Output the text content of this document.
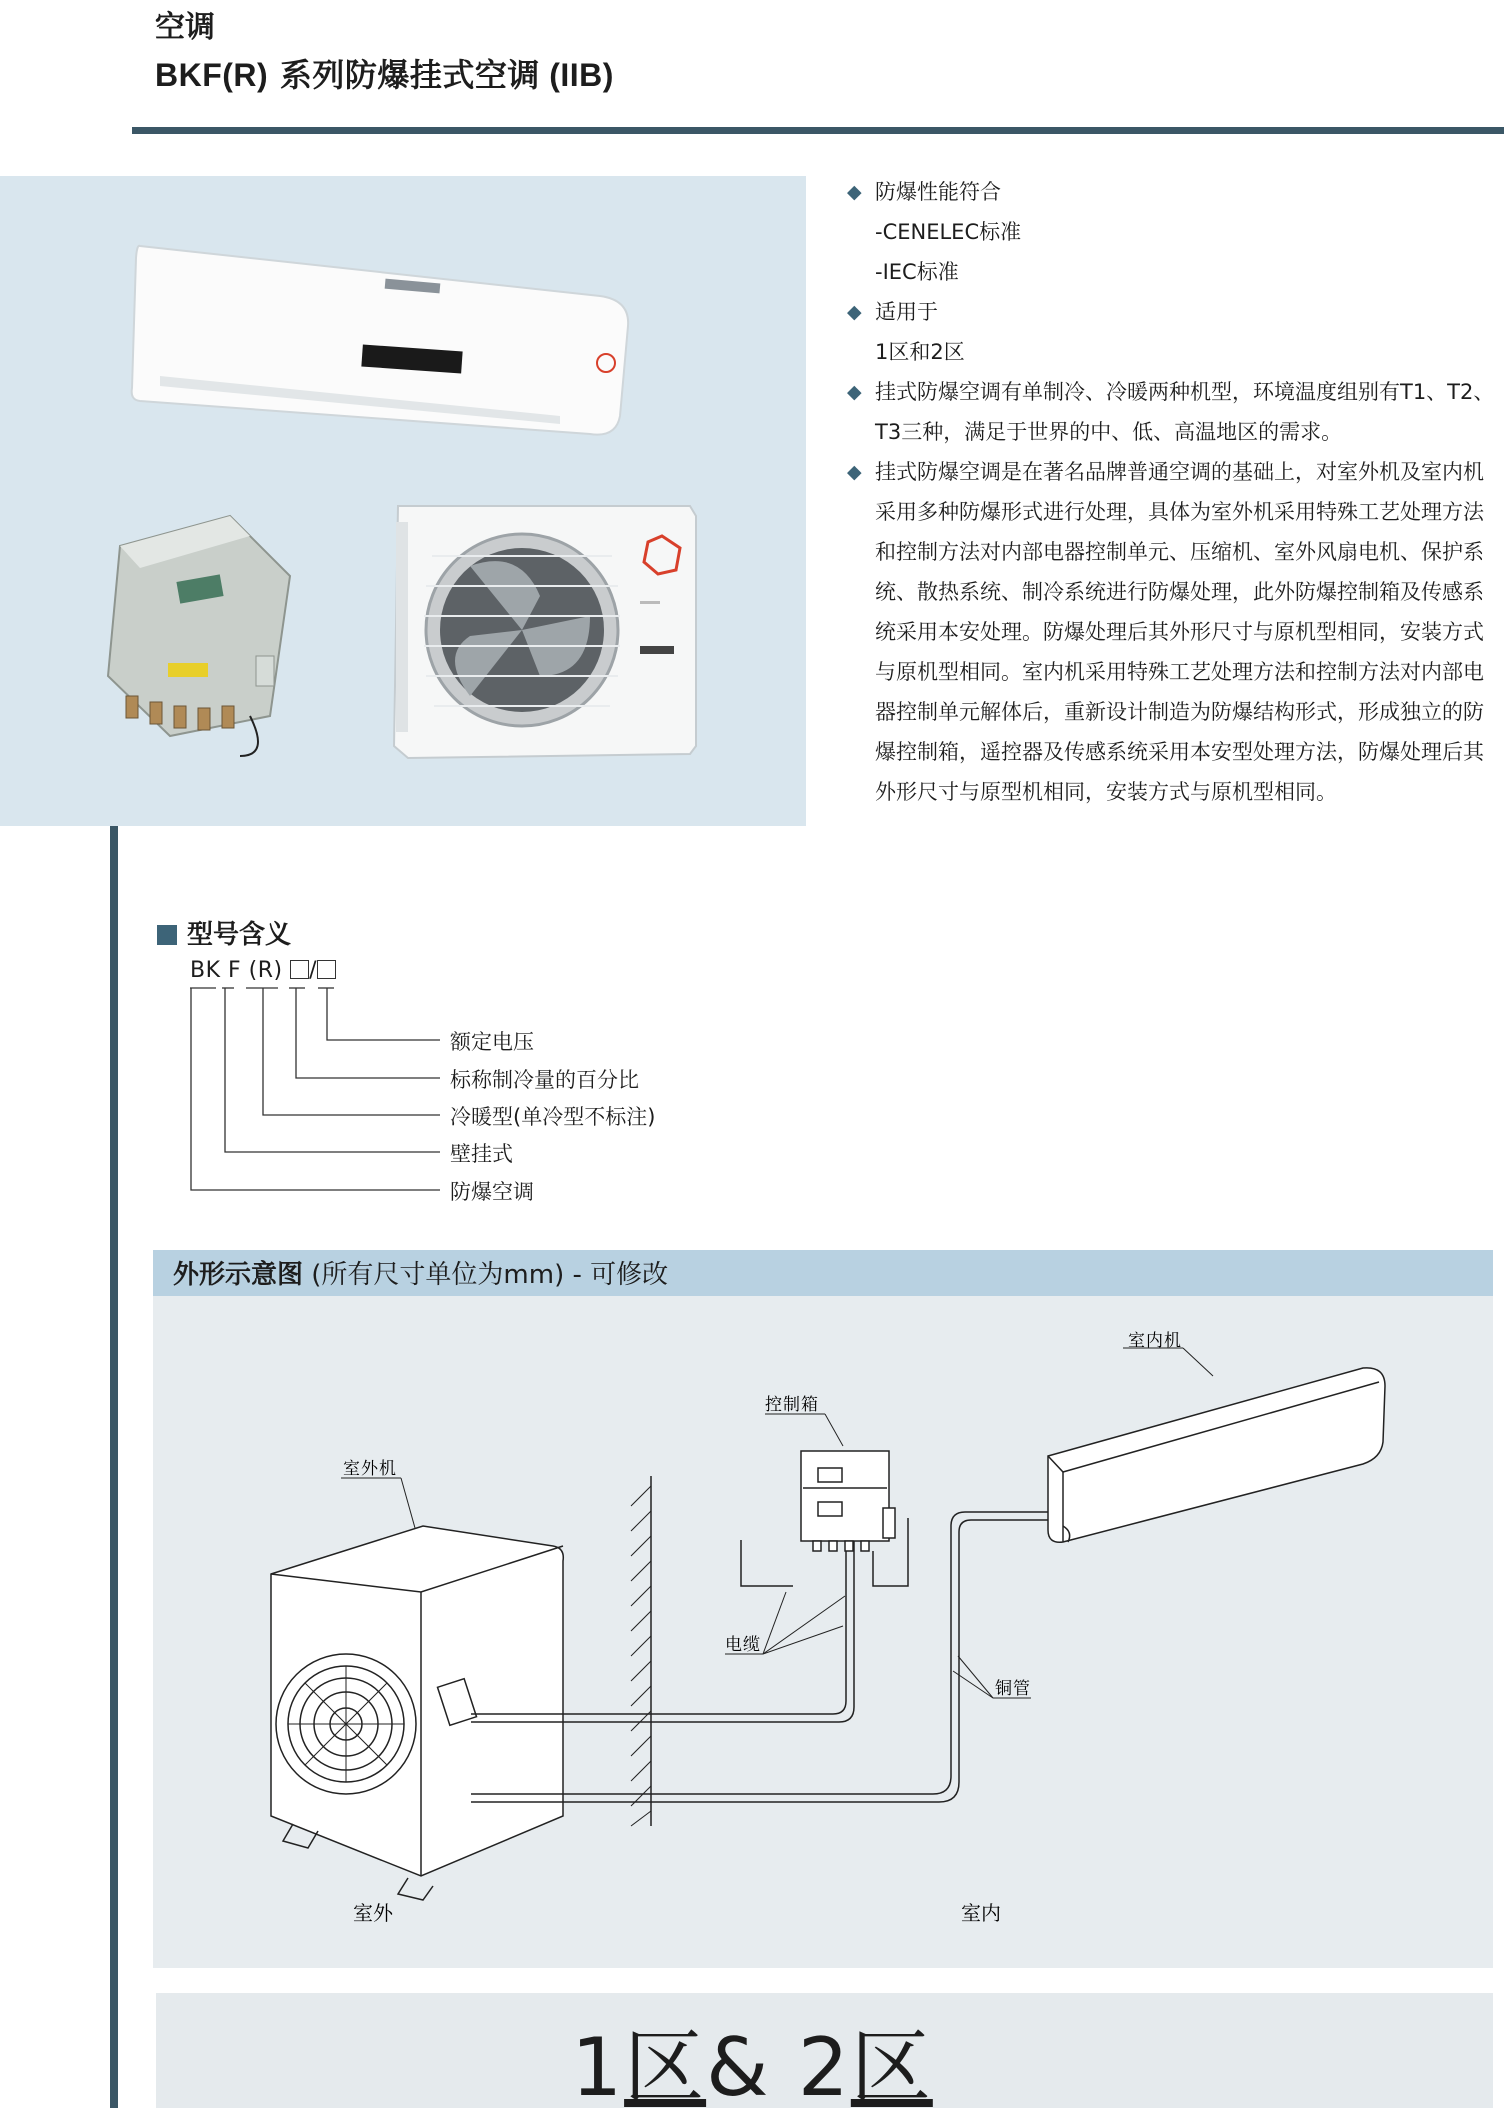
空调
BKF(R) 系列防爆挂式空调 (IIB)
◆ 防爆性能符合
-CENELEC标准
-IEC标准
◆ 适用于
1区和2区
◆ 挂式防爆空调有单制冷、冷暖两种机型，环境温度组别有T1、T2、T3三种，满足于世界的中、低、高温地区的需求。
◆ 挂式防爆空调是在著名品牌普通空调的基础上，对室外机及室内机采用多种防爆形式进行处理，具体为室外机采用特殊工艺处理方法和控制方法对内部电器控制单元、压缩机、室外风扇电机、保护系统、散热系统、制冷系统进行防爆处理，此外防爆控制箱及传感系统采用本安处理。防爆处理后其外形尺寸与原机型相同，安装方式与原机型相同。室内机采用特殊工艺处理方法和控制方法对内部电器控制单元解体后，重新设计制造为防爆结构形式，形成独立的防爆控制箱，遥控器及传感系统采用本安型处理方法，防爆处理后其外形尺寸与原型机相同，安装方式与原机型相同。
型号含义
BK F (R) /
额定电压
标称制冷量的百分比
冷暖型(单冷型不标注)
壁挂式
防爆空调
外形示意图 (所有尺寸单位为mm) - 可修改
室内机
控制箱
室外机
电缆
铜管
室外	室内
1区& 2区
